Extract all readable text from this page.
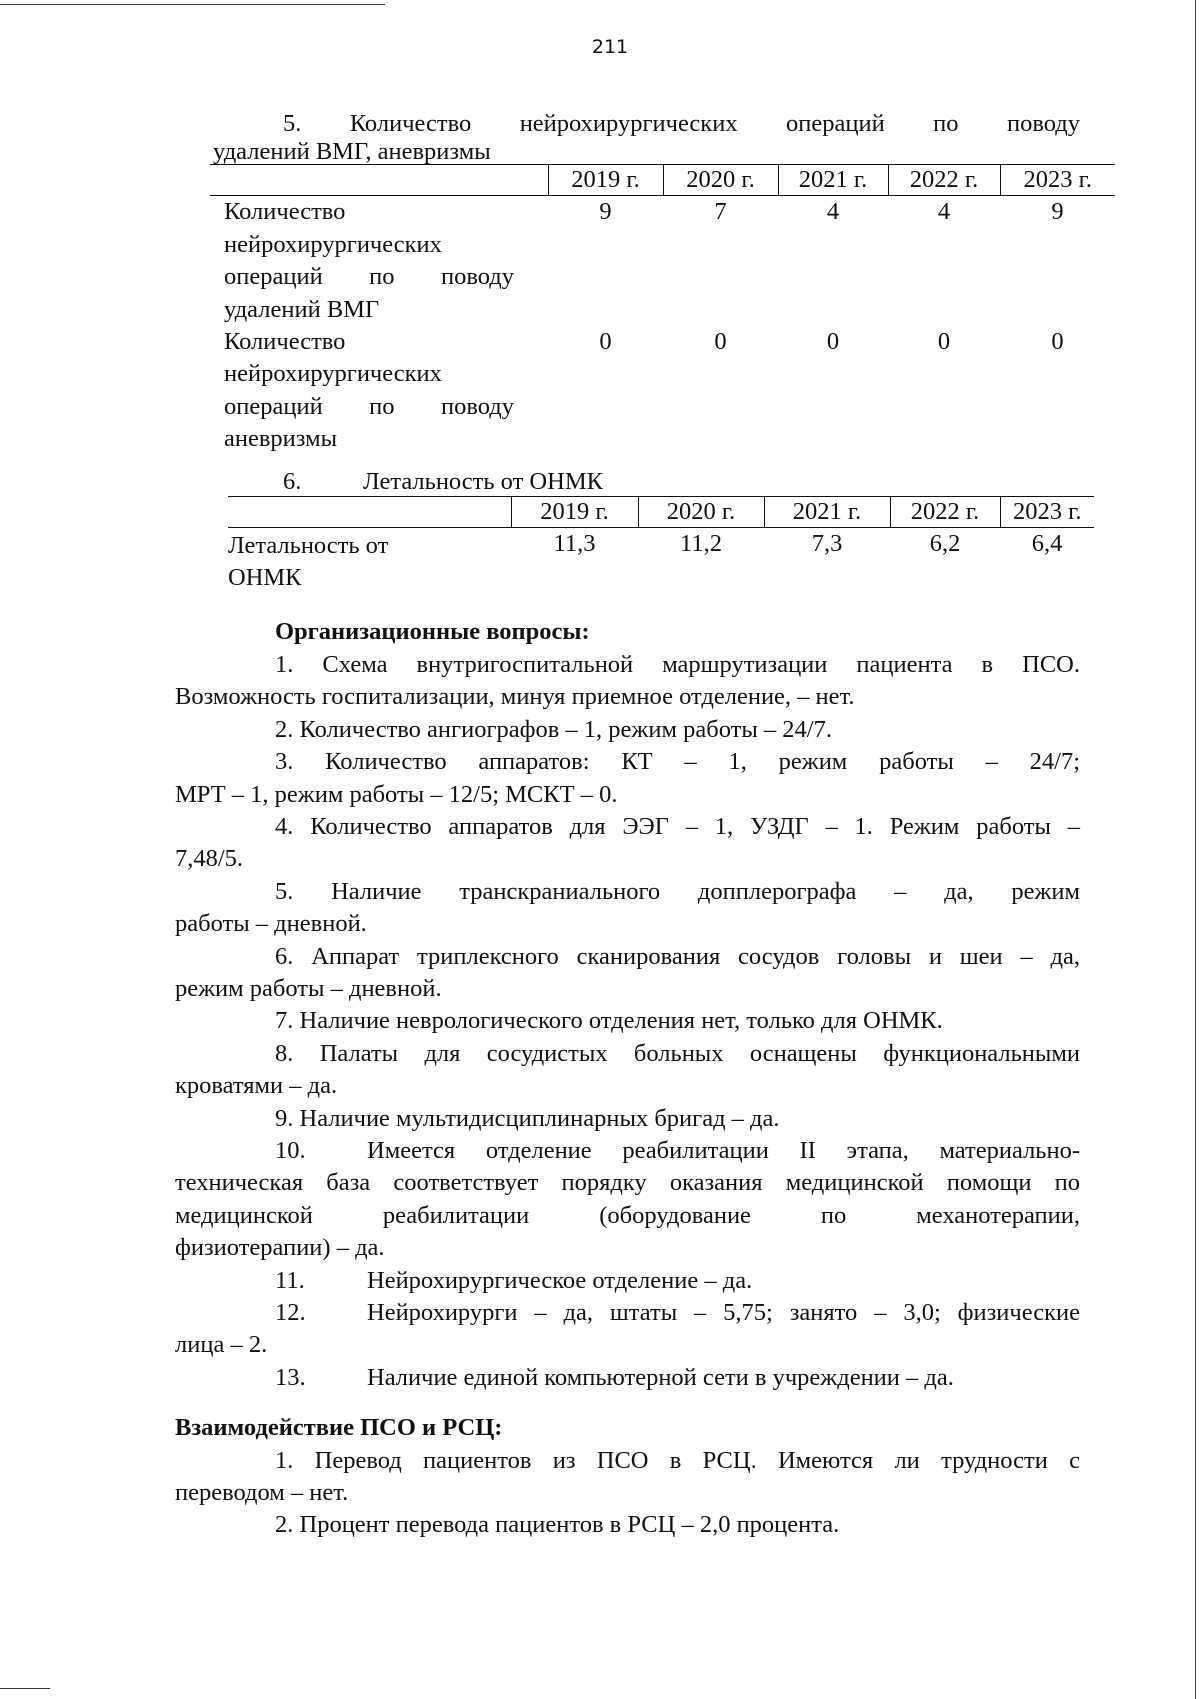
211
5. Количество нейрохирургических операций по поводу
удалений ВМГ, аневризмы
	2019 г.	2020 г.	2021 г.	2022 г.	2023 г.

Количество
нейрохирургических
операций по поводу
удалений ВМГ	9	7	4	4	9

Количество
нейрохирургических
операций по поводу
аневризмы	0	0	0	0	0
6.	Летальность от ОНМК
	2019 г.	2020 г.	2021 г.	2022 г.	2023 г.

Летальность от
ОНМК	11,3	11,2	7,3	6,2	6,4
Организационные вопросы:
1. Схема внутригоспитальной маршрутизации пациента в ПСО.
Возможность госпитализации, минуя приемное отделение, – нет.
2. Количество ангиографов – 1, режим работы – 24/7.
3. Количество аппаратов: КТ – 1, режим работы – 24/7;
МРТ – 1, режим работы – 12/5; МСКТ – 0.
4. Количество аппаратов для ЭЭГ – 1, УЗДГ – 1. Режим работы –
7,48/5.
5. Наличие транскраниального допплерографа – да, режим
работы – дневной.
6. Аппарат триплексного сканирования сосудов головы и шеи – да,
режим работы – дневной.
7. Наличие неврологического отделения нет, только для ОНМК.
8. Палаты для сосудистых больных оснащены функциональными
кроватями – да.
9. Наличие мультидисциплинарных бригад – да.
10.	Имеется отделение реабилитации II этапа, материально-
техническая база соответствует порядку оказания медицинской помощи по
медицинской реабилитации (оборудование по механотерапии,
физиотерапии) – да.
11.	Нейрохирургическое отделение – да.
12.	Нейрохирурги – да, штаты – 5,75; занято – 3,0; физические
лица – 2.
13.	Наличие единой компьютерной сети в учреждении – да.
Взаимодействие ПСО и РСЦ:
1. Перевод пациентов из ПСО в РСЦ. Имеются ли трудности с
переводом – нет.
2. Процент перевода пациентов в РСЦ – 2,0 процента.
